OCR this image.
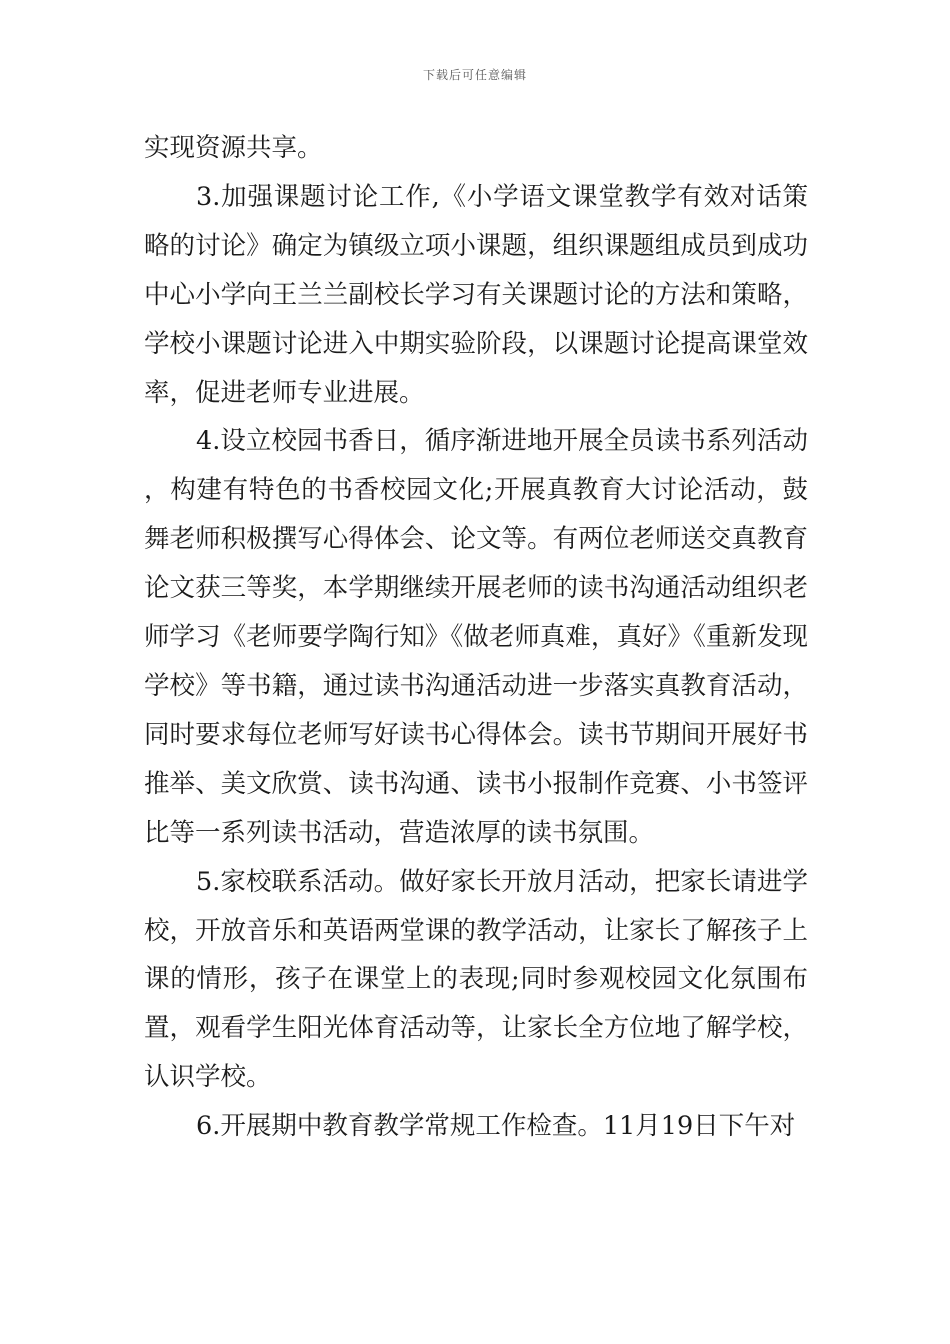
下载后可任意编辑

实现资源共享。

3.加强课题讨论工作,《小学语文课堂教学有效对话策略的讨论》确定为镇级立项小课题，组织课题组成员到成功中心小学向王兰兰副校长学习有关课题讨论的方法和策略，学校小课题讨论进入中期实验阶段，以课题讨论提高课堂效率，促进老师专业进展。

4.设立校园书香日，循序渐进地开展全员读书系列活动，构建有特色的书香校园文化;开展真教育大讨论活动，鼓舞老师积极撰写心得体会、论文等。有两位老师送交真教育论文获三等奖，本学期继续开展老师的读书沟通活动组织老师学习《老师要学陶行知》《做老师真难，真好》《重新发现学校》等书籍，通过读书沟通活动进一步落实真教育活动，同时要求每位老师写好读书心得体会。读书节期间开展好书推举、美文欣赏、读书沟通、读书小报制作竞赛、小书签评比等一系列读书活动，营造浓厚的读书氛围。

5.家校联系活动。做好家长开放月活动，把家长请进学校，开放音乐和英语两堂课的教学活动，让家长了解孩子上课的情形，孩子在课堂上的表现;同时参观校园文化氛围布置，观看学生阳光体育活动等，让家长全方位地了解学校，认识学校。

6.开展期中教育教学常规工作检查。11月19日下午对
